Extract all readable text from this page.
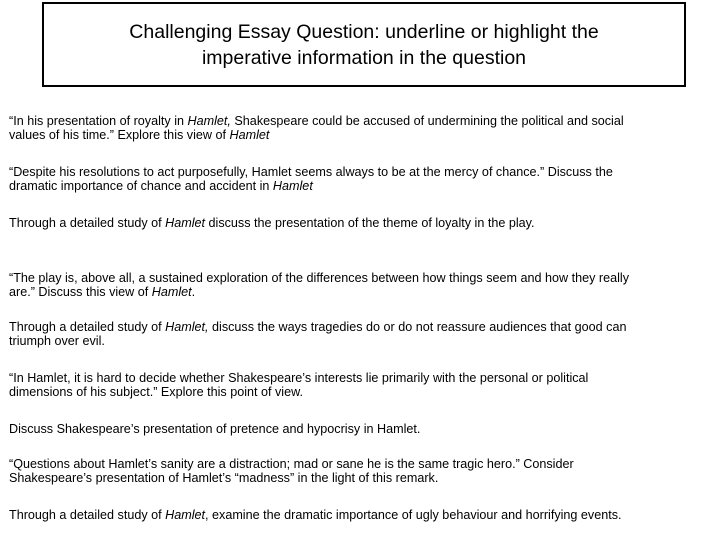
Challenging Essay Question: underline or highlight the
imperative information in the question
“In his presentation of royalty in Hamlet, Shakespeare could be accused of undermining the political and social
values of his time.” Explore this view of Hamlet
“Despite his resolutions to act purposefully, Hamlet seems always to be at the mercy of chance.” Discuss the
dramatic importance of chance and accident in Hamlet
Through a detailed study of Hamlet discuss the presentation of the theme of loyalty in the play.
“The play is, above all, a sustained exploration of the differences between how things seem and how they really
are.” Discuss this view of Hamlet.
Through a detailed study of Hamlet, discuss the ways tragedies do or do not reassure audiences that good can
triumph over evil.
“In Hamlet, it is hard to decide whether Shakespeare’s interests lie primarily with the personal or political
dimensions of his subject.” Explore this point of view.
Discuss Shakespeare’s presentation of pretence and hypocrisy in Hamlet.
“Questions about Hamlet’s sanity are a distraction; mad or sane he is the same tragic hero.” Consider
Shakespeare’s presentation of Hamlet’s “madness” in the light of this remark.
Through a detailed study of Hamlet, examine the dramatic importance of ugly behaviour and horrifying events.
